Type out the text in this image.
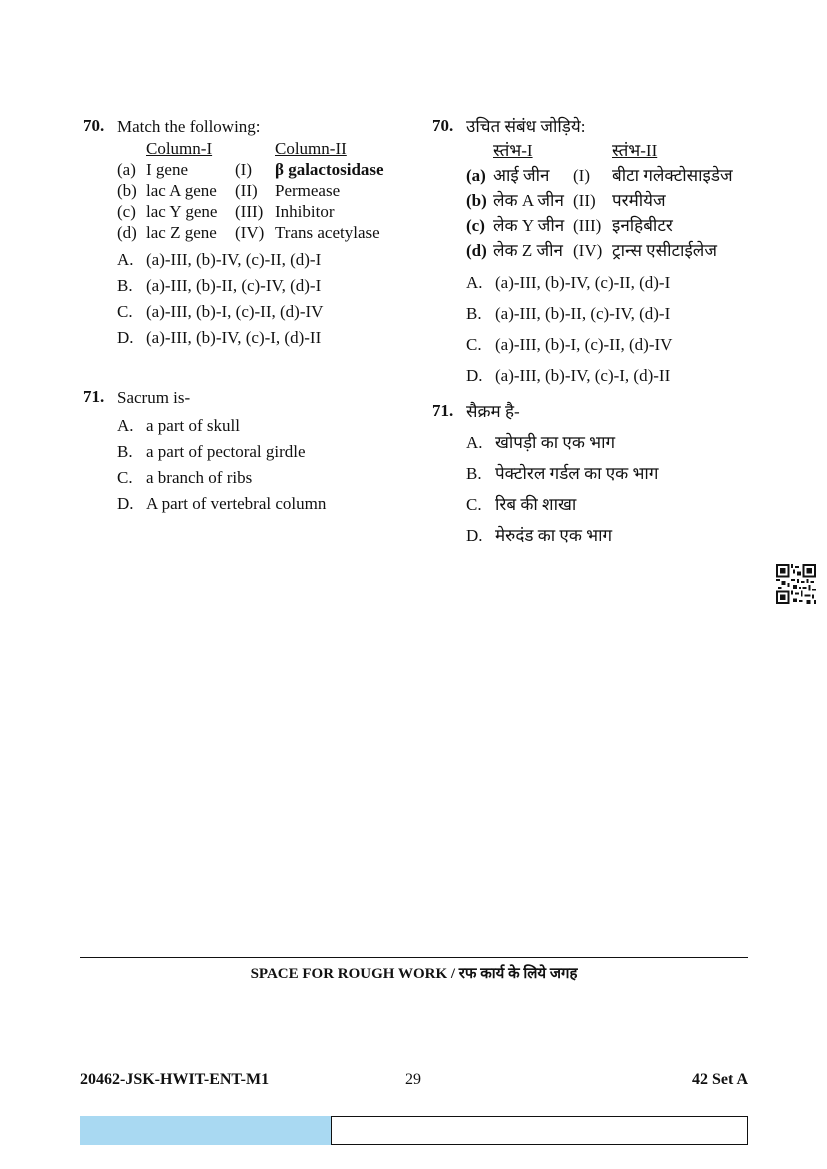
70. Match the following:
Column-I	Column-II
(a) I gene	(I)	β galactosidase
(b) lac A gene	(II)	Permease
(c) lac Y gene	(III) Inhibitor
(d) lac Z gene	(IV) Trans acetylase
A. (a)-III, (b)-IV, (c)-II, (d)-I
B. (a)-III, (b)-II, (c)-IV, (d)-I
C. (a)-III, (b)-I, (c)-II, (d)-IV
D. (a)-III, (b)-IV, (c)-I, (d)-II
71. Sacrum is-
A. a part of skull
B. a part of pectoral girdle
C. a branch of ribs
D. A part of vertebral column
70. उचित संबंध जोड़िये:
स्तंभ-I	स्तंभ-II
(a) आई जीन	(I)	बीटा गलेक्टोसाइडेज
(b) लेक A जीन (II) परमीयेज
(c) लेक Y जीन (III) इनहिबीटर
(d) लेक Z जीन (IV) ट्रान्स एसीटाईलेज
A. (a)-III, (b)-IV, (c)-II, (d)-I
B. (a)-III, (b)-II, (c)-IV, (d)-I
C. (a)-III, (b)-I, (c)-II, (d)-IV
D. (a)-III, (b)-IV, (c)-I, (d)-II
71. सैक्रम है-
A. खोपड़ी का एक भाग
B. पेक्टोरल गर्डल का एक भाग
C. रिब की शाखा
D. मेरुदंड का एक भाग
SPACE FOR ROUGH WORK / रफ कार्य के लिये जगह
20462-JSK-HWIT-ENT-M1	29	42 Set A
